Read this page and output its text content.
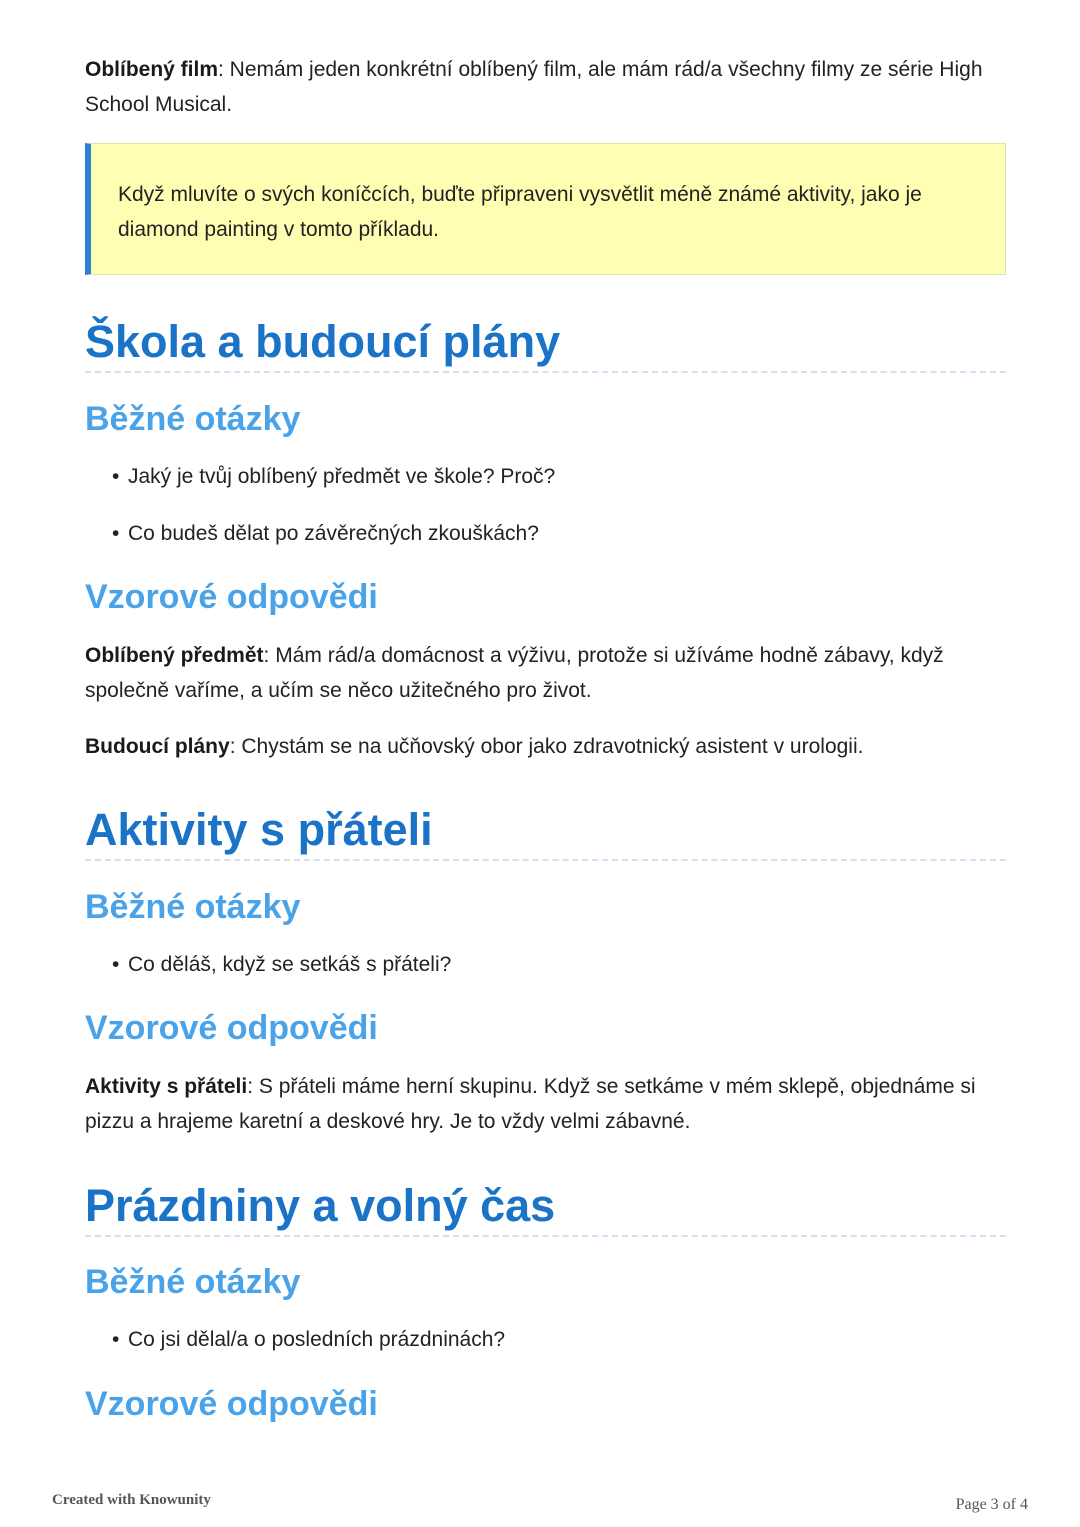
Oblíbený film: Nemám jeden konkrétní oblíbený film, ale mám rád/a všechny filmy ze série High School Musical.

Když mluvíte o svých koníčcích, buďte připraveni vysvětlit méně známé aktivity, jako je diamond painting v tomto příkladu.

Škola a budoucí plány
Běžné otázky

• Jaký je tvůj oblíbený předmět ve škole? Proč?

• Co budeš dělat po závěrečných zkouškách?

Vzorové odpovědi

Oblíbený předmět: Mám rád/a domácnost a výživu, protože si užíváme hodně zábavy, když společně vaříme, a učím se něco užitečného pro život.

Budoucí plány: Chystám se na učňovský obor jako zdravotnický asistent v urologii.

Aktivity s přáteli
Běžné otázky

• Co děláš, když se setkáš s přáteli?

Vzorové odpovědi

Aktivity s přáteli: S přáteli máme herní skupinu. Když se setkáme v mém sklepě, objednáme si pizzu a hrajeme karetní a deskové hry. Je to vždy velmi zábavné.

Prázdniny a volný čas
Běžné otázky

• Co jsi dělal/a o posledních prázdninách?

Vzorové odpovědi
Created with Knowunity	Page 3 of 4
